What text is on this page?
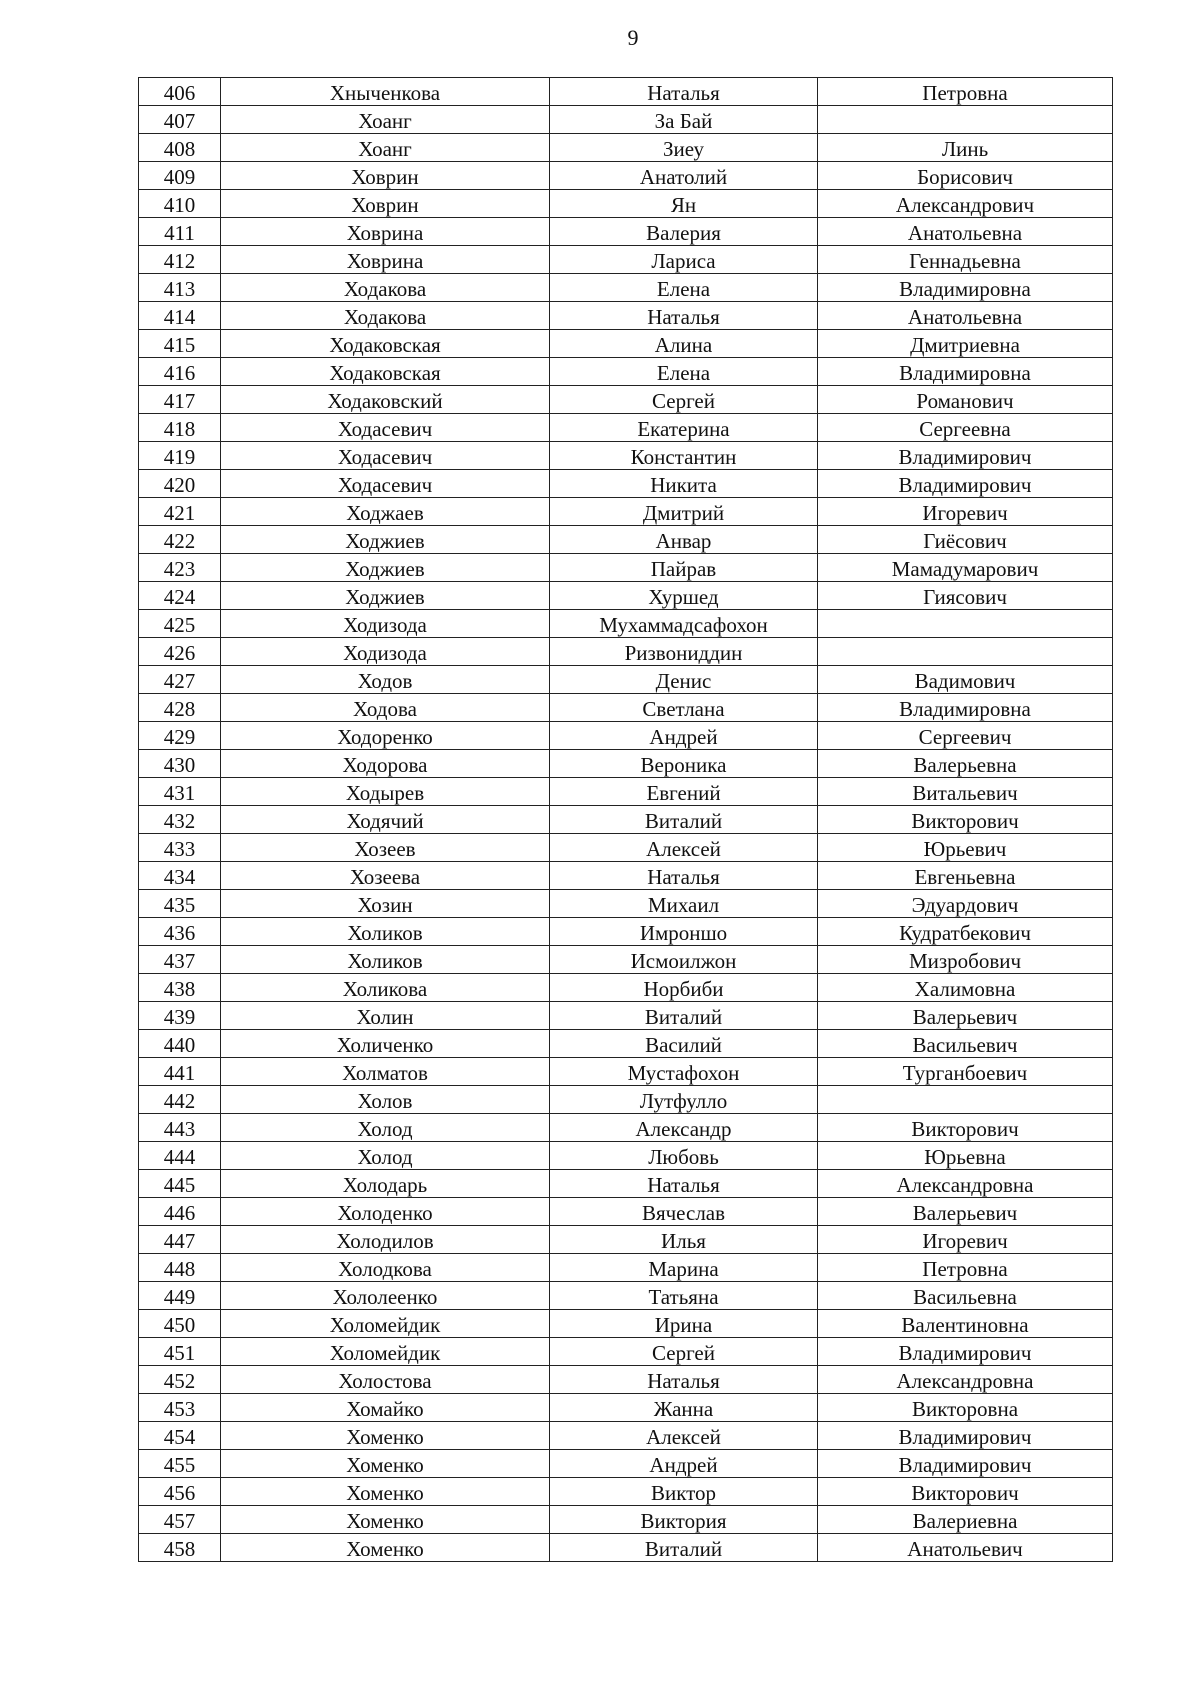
9
406	Хныченкова	Наталья	Петровна
407	Хоанг	За Бай	
408	Хоанг	Зиеу	Линь
409	Ховрин	Анатолий	Борисович
410	Ховрин	Ян	Александрович
411	Ховрина	Валерия	Анатольевна
412	Ховрина	Лариса	Геннадьевна
413	Ходакова	Елена	Владимировна
414	Ходакова	Наталья	Анатольевна
415	Ходаковская	Алина	Дмитриевна
416	Ходаковская	Елена	Владимировна
417	Ходаковский	Сергей	Романович
418	Ходасевич	Екатерина	Сергеевна
419	Ходасевич	Константин	Владимирович
420	Ходасевич	Никита	Владимирович
421	Ходжаев	Дмитрий	Игоревич
422	Ходжиев	Анвар	Гиёсович
423	Ходжиев	Пайрав	Мамадумарович
424	Ходжиев	Хуршед	Гиясович
425	Ходизода	Мухаммадсафохон	
426	Ходизода	Ризвониддин	
427	Ходов	Денис	Вадимович
428	Ходова	Светлана	Владимировна
429	Ходоренко	Андрей	Сергеевич
430	Ходорова	Вероника	Валерьевна
431	Ходырев	Евгений	Витальевич
432	Ходячий	Виталий	Викторович
433	Хозеев	Алексей	Юрьевич
434	Хозеева	Наталья	Евгеньевна
435	Хозин	Михаил	Эдуардович
436	Холиков	Имроншо	Кудратбекович
437	Холиков	Исмоилжон	Мизробович
438	Холикова	Норбиби	Халимовна
439	Холин	Виталий	Валерьевич
440	Холиченко	Василий	Васильевич
441	Холматов	Мустафохон	Турганбоевич
442	Холов	Лутфулло	
443	Холод	Александр	Викторович
444	Холод	Любовь	Юрьевна
445	Холодарь	Наталья	Александровна
446	Холоденко	Вячеслав	Валерьевич
447	Холодилов	Илья	Игоревич
448	Холодкова	Марина	Петровна
449	Хололеенко	Татьяна	Васильевна
450	Холомейдик	Ирина	Валентиновна
451	Холомейдик	Сергей	Владимирович
452	Холостова	Наталья	Александровна
453	Хомайко	Жанна	Викторовна
454	Хоменко	Алексей	Владимирович
455	Хоменко	Андрей	Владимирович
456	Хоменко	Виктор	Викторович
457	Хоменко	Виктория	Валериевна
458	Хоменко	Виталий	Анатольевич
